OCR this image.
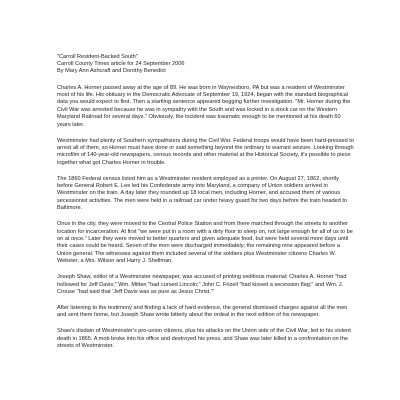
"Carroll Resident-Backed South"

Carroll County Times article for 24 September 2006

By Mary Ann Ashcraft and Dorothy Benedict

Charles A. Horner passed away at the age of 89. He was born in Waynesboro, PA but was a resident of Westminster most of his life. His obituary in the Democratic Advocate of September 19, 1924, began with the standard biographical data you would expect to find. Then a startling sentence appeared begging further investigation. "Mr. Horner during the Civil War was arrested because he was in sympathy with the South and was locked in a stock car on the Western Maryland Railroad for several days." Obviously, the incident was traumatic enough to be mentioned at his death 60 years later.

Westminster had plenty of Southern sympathizers during the Civil War. Federal troops would have been hard-pressed to arrest all of them, so Horner must have done or said something beyond the ordinary to warrant seizure. Looking through microfilm of 140-year-old newspapers, census records and other material at the Historical Society, it's possible to piece together what got Charles Horner in trouble.

The 1860 Federal census listed him as a Westminster resident employed as a printer. On August 27, 1862, shortly before General Robert E. Lee led his Confederate army into Maryland, a company of Union soldiers arrived in Westminster on the train. A day later they rounded up 18 local men, including Horner, and accused them of various secessionist activities. The men were held in a railroad car under heavy guard for two days before the train headed to Baltimore.

Once in the city, they were moved to the Central Police Station and from there marched through the streets to another location for incarceration. At first "we were put in a room with a dirty floor to sleep on, not large enough for all of us to be on at once." Later they were moved to better quarters and given adequate food, but were held several more days until their cases could be heard. Seven of the men were discharged immediately; the remaining nine appeared before a Union general. The witnesses against them included several of the soldiers plus Westminster citizens Charles W. Webster, a Mrs. Wilson and Harry J. Shellman.

Joseph Shaw, editor of a Westminster newspaper, was accused of printing seditious material; Charles A. Horner "had hollowed for Jeff Davis;" Wm. Mitten "had cursed Lincoln;" John C. Frizell "had kissed a secession flag;" and Wm. J. Crouse "had said that 'Jeff Davis was as pure as Jesus Christ.'"

After listening to the testimony and finding a lack of hard evidence, the general dismissed charges against all the men and sent them home, but Joseph Shaw wrote bitterly about the ordeal in the next edition of his newspaper.

Shaw's disdain of Westminster's pro-union citizens, plus his attacks on the Union side of the Civil War, led to his violent death in 1865. A mob broke into his office and destroyed his press, and Shaw was later killed in a confrontation on the streets of Westminster.
